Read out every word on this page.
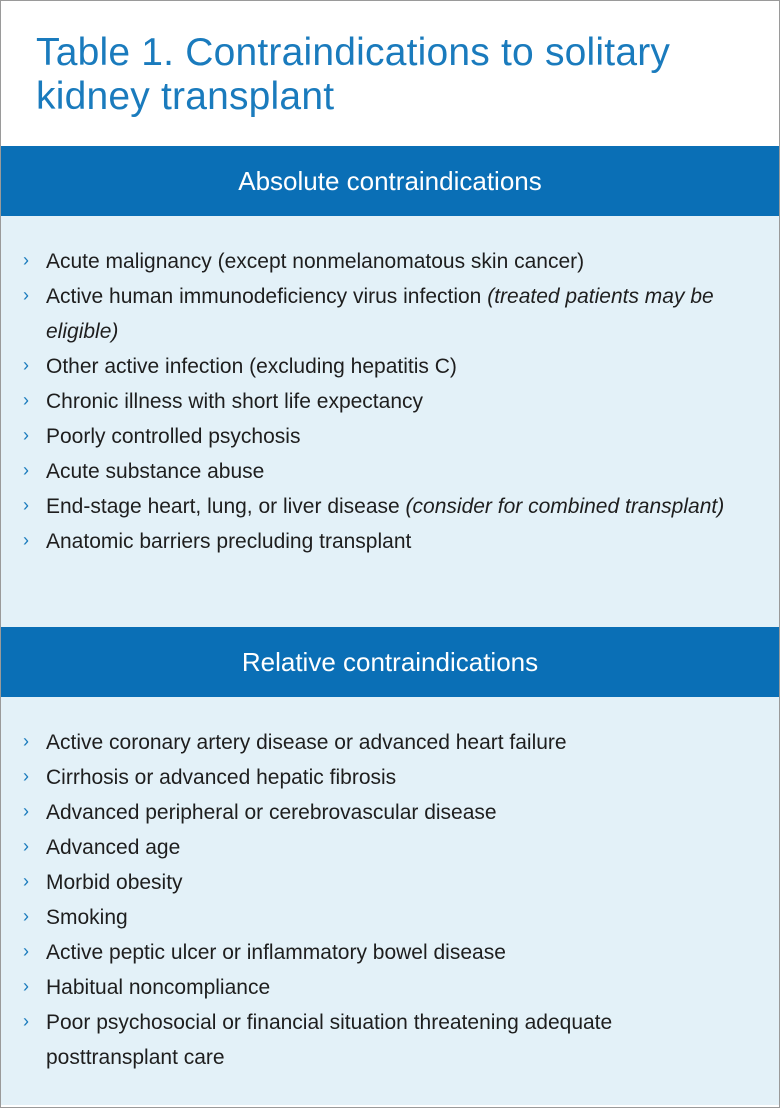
Table 1. Contraindications to solitary
kidney transplant
Absolute contraindications
› Acute malignancy (except nonmelanomatous skin cancer)
› Active human immunodeficiency virus infection (treated patients may be eligible)
› Other active infection (excluding hepatitis C)
› Chronic illness with short life expectancy
› Poorly controlled psychosis
› Acute substance abuse
› End-stage heart, lung, or liver disease (consider for combined transplant)
› Anatomic barriers precluding transplant
Relative contraindications
› Active coronary artery disease or advanced heart failure
› Cirrhosis or advanced hepatic fibrosis
› Advanced peripheral or cerebrovascular disease
› Advanced age
› Morbid obesity
› Smoking
› Active peptic ulcer or inflammatory bowel disease
› Habitual noncompliance
› Poor psychosocial or financial situation threatening adequate posttransplant care
